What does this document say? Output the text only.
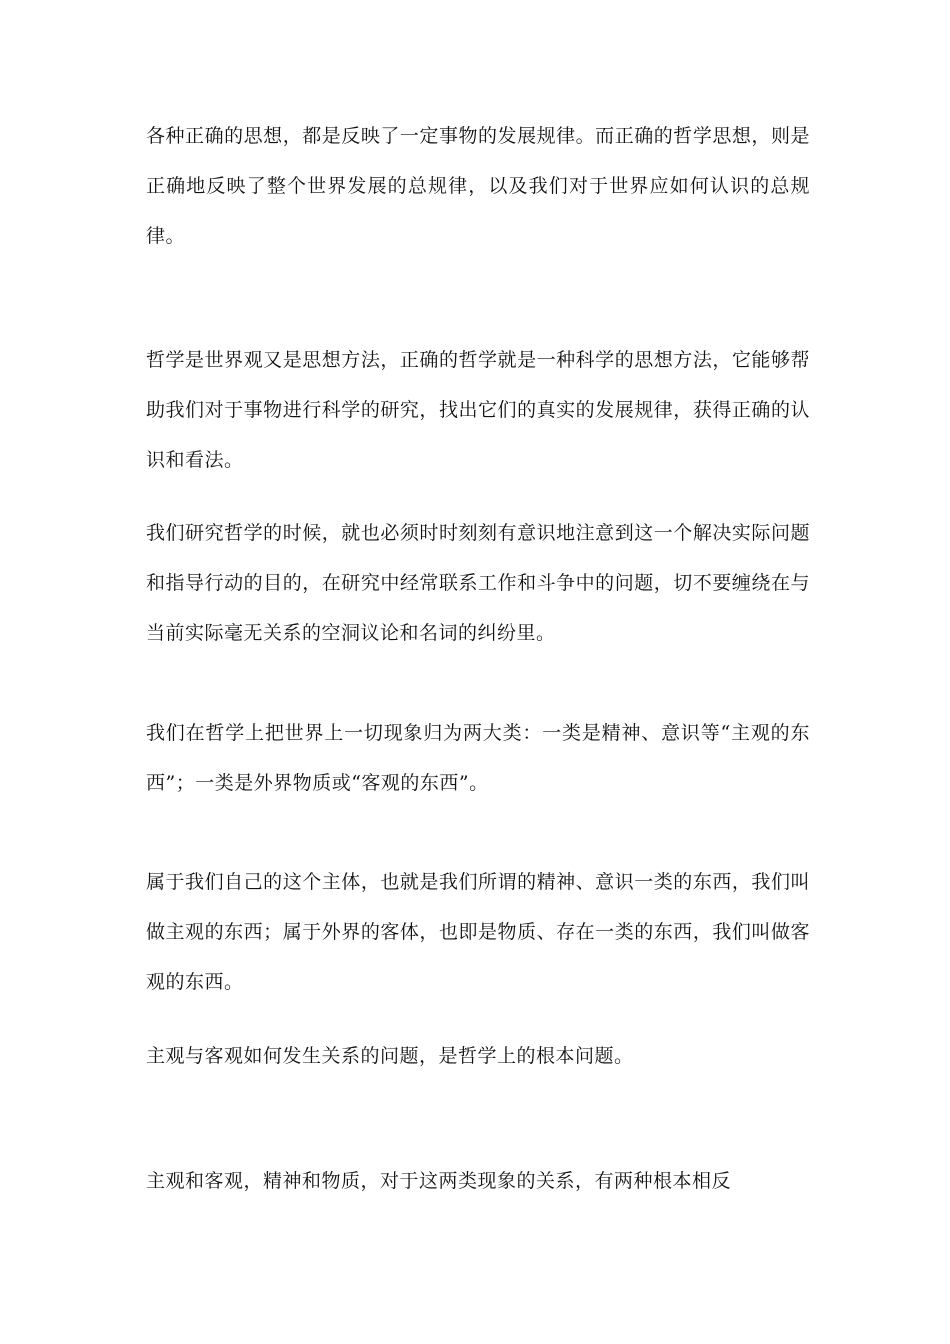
各种正确的思想，都是反映了一定事物的发展规律。而正确的哲学思想，则是正确地反映了整个世界发展的总规律，以及我们对于世界应如何认识的总规律。

哲学是世界观又是思想方法，正确的哲学就是一种科学的思想方法，它能够帮助我们对于事物进行科学的研究，找出它们的真实的发展规律，获得正确的认识和看法。

我们研究哲学的时候，就也必须时时刻刻有意识地注意到这一个解决实际问题和指导行动的目的，在研究中经常联系工作和斗争中的问题，切不要缠绕在与当前实际毫无关系的空洞议论和名词的纠纷里。

我们在哲学上把世界上一切现象归为两大类：一类是精神、意识等“主观的东西”；一类是外界物质或“客观的东西”。

属于我们自己的这个主体，也就是我们所谓的精神、意识一类的东西，我们叫做主观的东西；属于外界的客体，也即是物质、存在一类的东西，我们叫做客观的东西。

主观与客观如何发生关系的问题，是哲学上的根本问题。

主观和客观，精神和物质，对于这两类现象的关系，有两种根本相反
